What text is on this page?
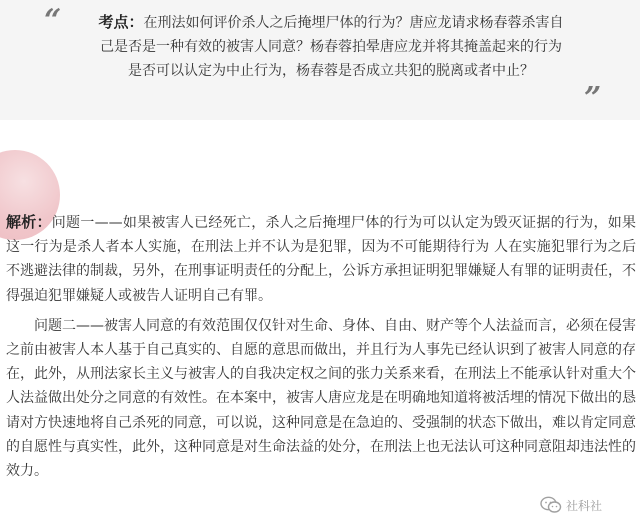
“	考点：在刑法如何评价杀人之后掩埋尸体的行为？唐应龙请求杨春蓉杀害自己是否是一种有效的被害人同意？杨春蓉拍晕唐应龙并将其掩盖起来的行为是否可以认定为中止行为，杨春蓉是否成立共犯的脱离或者中止？
”

解析：问题一——如果被害人已经死亡，杀人之后掩埋尸体的行为可以认定为毁灭证据的行为，如果这一行为是杀人者本人实施，在刑法上并不认为是犯罪，因为不可能期待行为 人在实施犯罪行为之后不逃避法律的制裁，另外，在刑事证明责任的分配上，公诉方承担证明犯罪嫌疑人有罪的证明责任，不得强迫犯罪嫌疑人或被告人证明自己有罪。

问题二——被害人同意的有效范围仅仅针对生命、身体、自由、财产等个人法益而言，必须在侵害之前由被害人本人基于自己真实的、自愿的意思而做出，并且行为人事先已经认识到了被害人同意的存在，此外，从刑法家长主义与被害人的自我决定权之间的张力关系来看，在刑法上不能承认针对重大个人法益做出处分之同意的有效性。在本案中，被害人唐应龙是在明确地知道将被活埋的情况下做出的恳请对方快速地将自己杀死的同意，可以说，这种同意是在急迫的、受强制的状态下做出，难以肯定同意的自愿性与真实性，此外，这种同意是对生命法益的处分，在刑法上也无法认可这种同意阻却违法性的效力。

社科社
